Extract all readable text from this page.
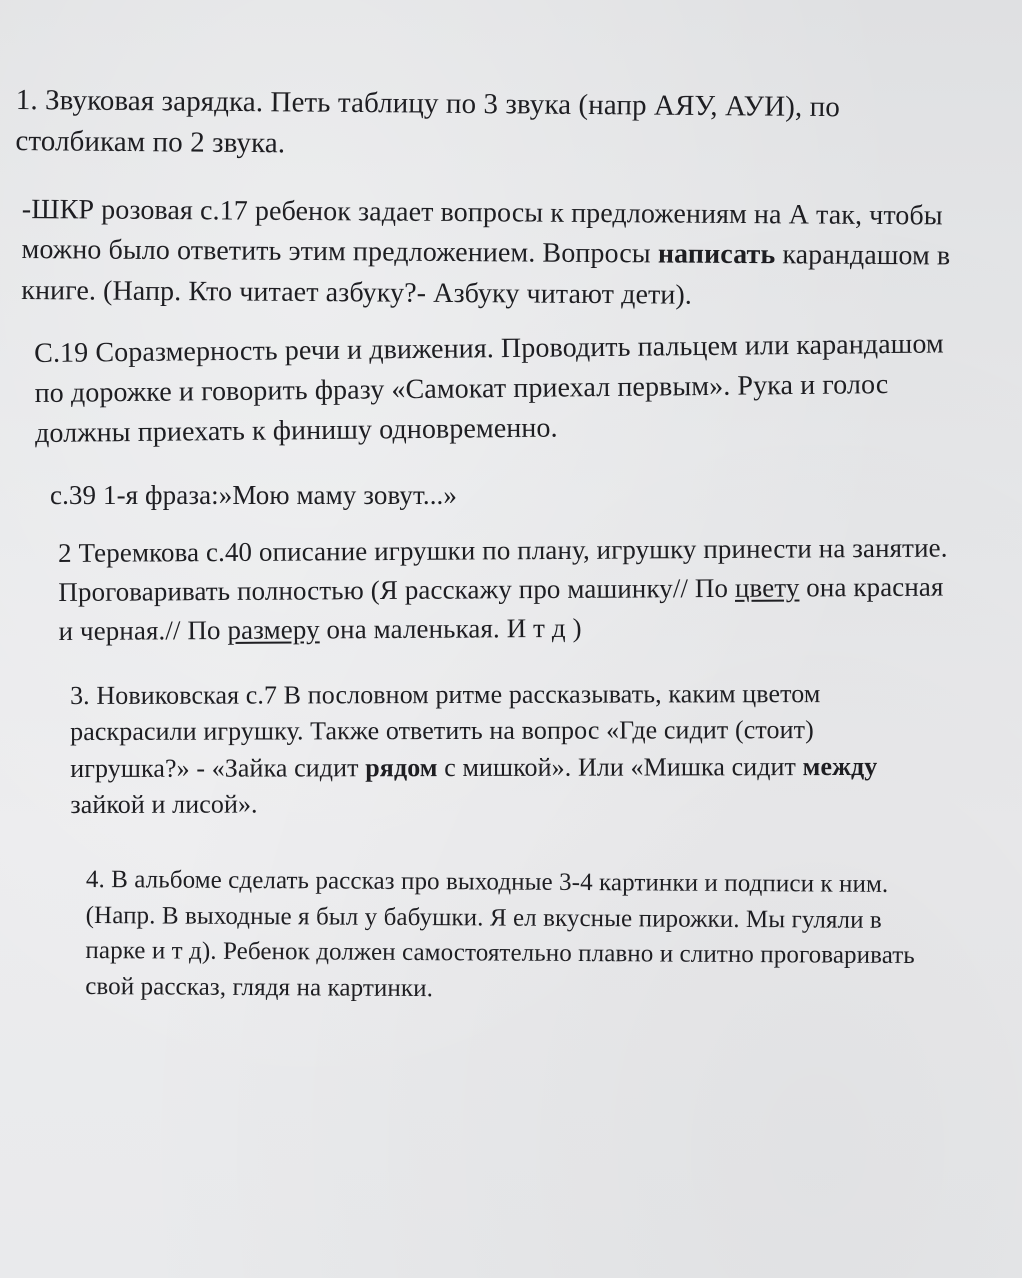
1. Звуковая зарядка. Петь таблицу по 3 звука (напр АЯУ, АУИ), по
столбикам по 2 звука.
-ШКР розовая с.17 ребенок задает вопросы к предложениям на А так, чтобы
можно было ответить этим предложением. Вопросы написать карандашом в
книге. (Напр. Кто читает азбуку?- Азбуку читают дети).
С.19 Соразмерность речи и движения. Проводить пальцем или карандашом
по дорожке и говорить фразу «Самокат приехал первым». Рука и голос
должны приехать к финишу одновременно.
с.39 1-я фраза:»Мою маму зовут...»
2 Теремкова с.40 описание игрушки по плану, игрушку принести на занятие.
Проговаривать полностью (Я расскажу про машинку// По цвету она красная
и черная.// По размеру она маленькая. И т д )
3. Новиковская с.7 В пословном ритме рассказывать, каким цветом
раскрасили игрушку. Также ответить на вопрос «Где сидит (стоит)
игрушка?» - «Зайка сидит рядом с мишкой». Или «Мишка сидит между
зайкой и лисой».
4. В альбоме сделать рассказ про выходные 3-4 картинки и подписи к ним.
(Напр. В выходные я был у бабушки. Я ел вкусные пирожки. Мы гуляли в
парке и т д). Ребенок должен самостоятельно плавно и слитно проговаривать
свой рассказ, глядя на картинки.
